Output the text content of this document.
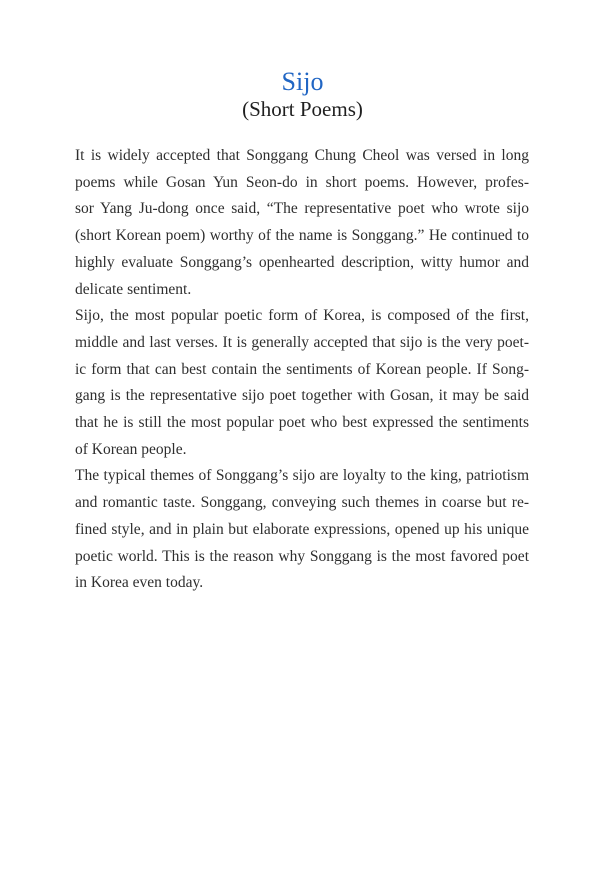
Sijo
(Short Poems)
It is widely accepted that Songgang Chung Cheol was versed in long
poems while Gosan Yun Seon-do in short poems. However, profes-
sor Yang Ju-dong once said, “The representative poet who wrote sijo
(short Korean poem) worthy of the name is Songgang.” He continued to
highly evaluate Songgang’s openhearted description, witty humor and
delicate sentiment.
Sijo, the most popular poetic form of Korea, is composed of the first,
middle and last verses. It is generally accepted that sijo is the very poet-
ic form that can best contain the sentiments of Korean people. If Song-
gang is the representative sijo poet together with Gosan, it may be said
that he is still the most popular poet who best expressed the sentiments
of Korean people.
The typical themes of Songgang’s sijo are loyalty to the king, patriotism
and romantic taste. Songgang, conveying such themes in coarse but re-
fined style, and in plain but elaborate expressions, opened up his unique
poetic world. This is the reason why Songgang is the most favored poet
in Korea even today.
